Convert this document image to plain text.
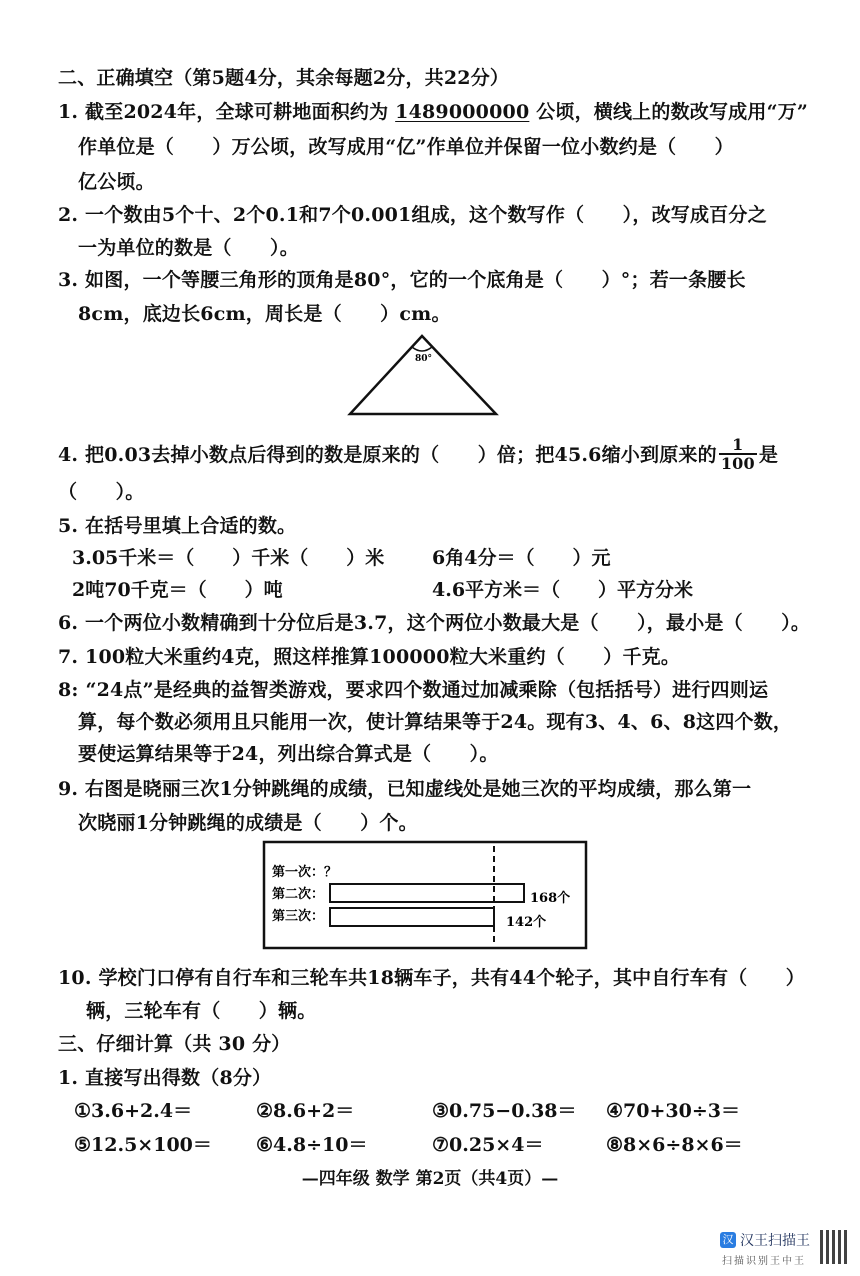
二、正确填空（第5题4分，其余每题2分，共22分）
1. 截至2024年，全球可耕地面积约为 1489000000 公顷，横线上的数改写成用“万”
作单位是（　　）万公顷，改写成用“亿”作单位并保留一位小数约是（　　）
亿公顷。
2. 一个数由5个十、2个0.1和7个0.001组成，这个数写作（　　），改写成百分之
一为单位的数是（　　）。
3. 如图，一个等腰三角形的顶角是80°，它的一个底角是（　　）°；若一条腰长
8cm，底边长6cm，周长是（　　）cm。
80°
4. 把0.03去掉小数点后得到的数是原来的（　　）倍；把45.6缩小到原来的 $\frac{1}{100}$ 是
（　　）。
5. 在括号里填上合适的数。
3.05千米＝（　　）千米（　　）米	6角4分＝（　　）元
2吨70千克＝（　　）吨	4.6平方米＝（　　）平方分米
6. 一个两位小数精确到十分位后是3.7，这个两位小数最大是（　　），最小是（　　）。
7. 100粒大米重约4克，照这样推算100000粒大米重约（　　）千克。
8: “24点”是经典的益智类游戏，要求四个数通过加减乘除（包括括号）进行四则运
算，每个数必须用且只能用一次，使计算结果等于24。现有3、4、6、8这四个数，
要使运算结果等于24，列出综合算式是（　　）。
9. 右图是晓丽三次1分钟跳绳的成绩，已知虚线处是她三次的平均成绩，那么第一
次晓丽1分钟跳绳的成绩是（　　）个。
第一次：？
第二次：	168个
第三次：	142个
10. 学校门口停有自行车和三轮车共18辆车子，共有44个轮子，其中自行车有（　　）
辆，三轮车有（　　）辆。
三、仔细计算（共 30 分）
1. 直接写出得数（8分）
①3.6+2.4＝	②8.6+2＝	③0.75−0.38＝ ④70+30÷3＝
⑤12.5×100＝ ⑥4.8÷10＝	⑦0.25×4＝	⑧8×6÷8×6＝
—四年级 数学 第2页（共4页）—
汉 汉王扫描王
扫描识别王中王
